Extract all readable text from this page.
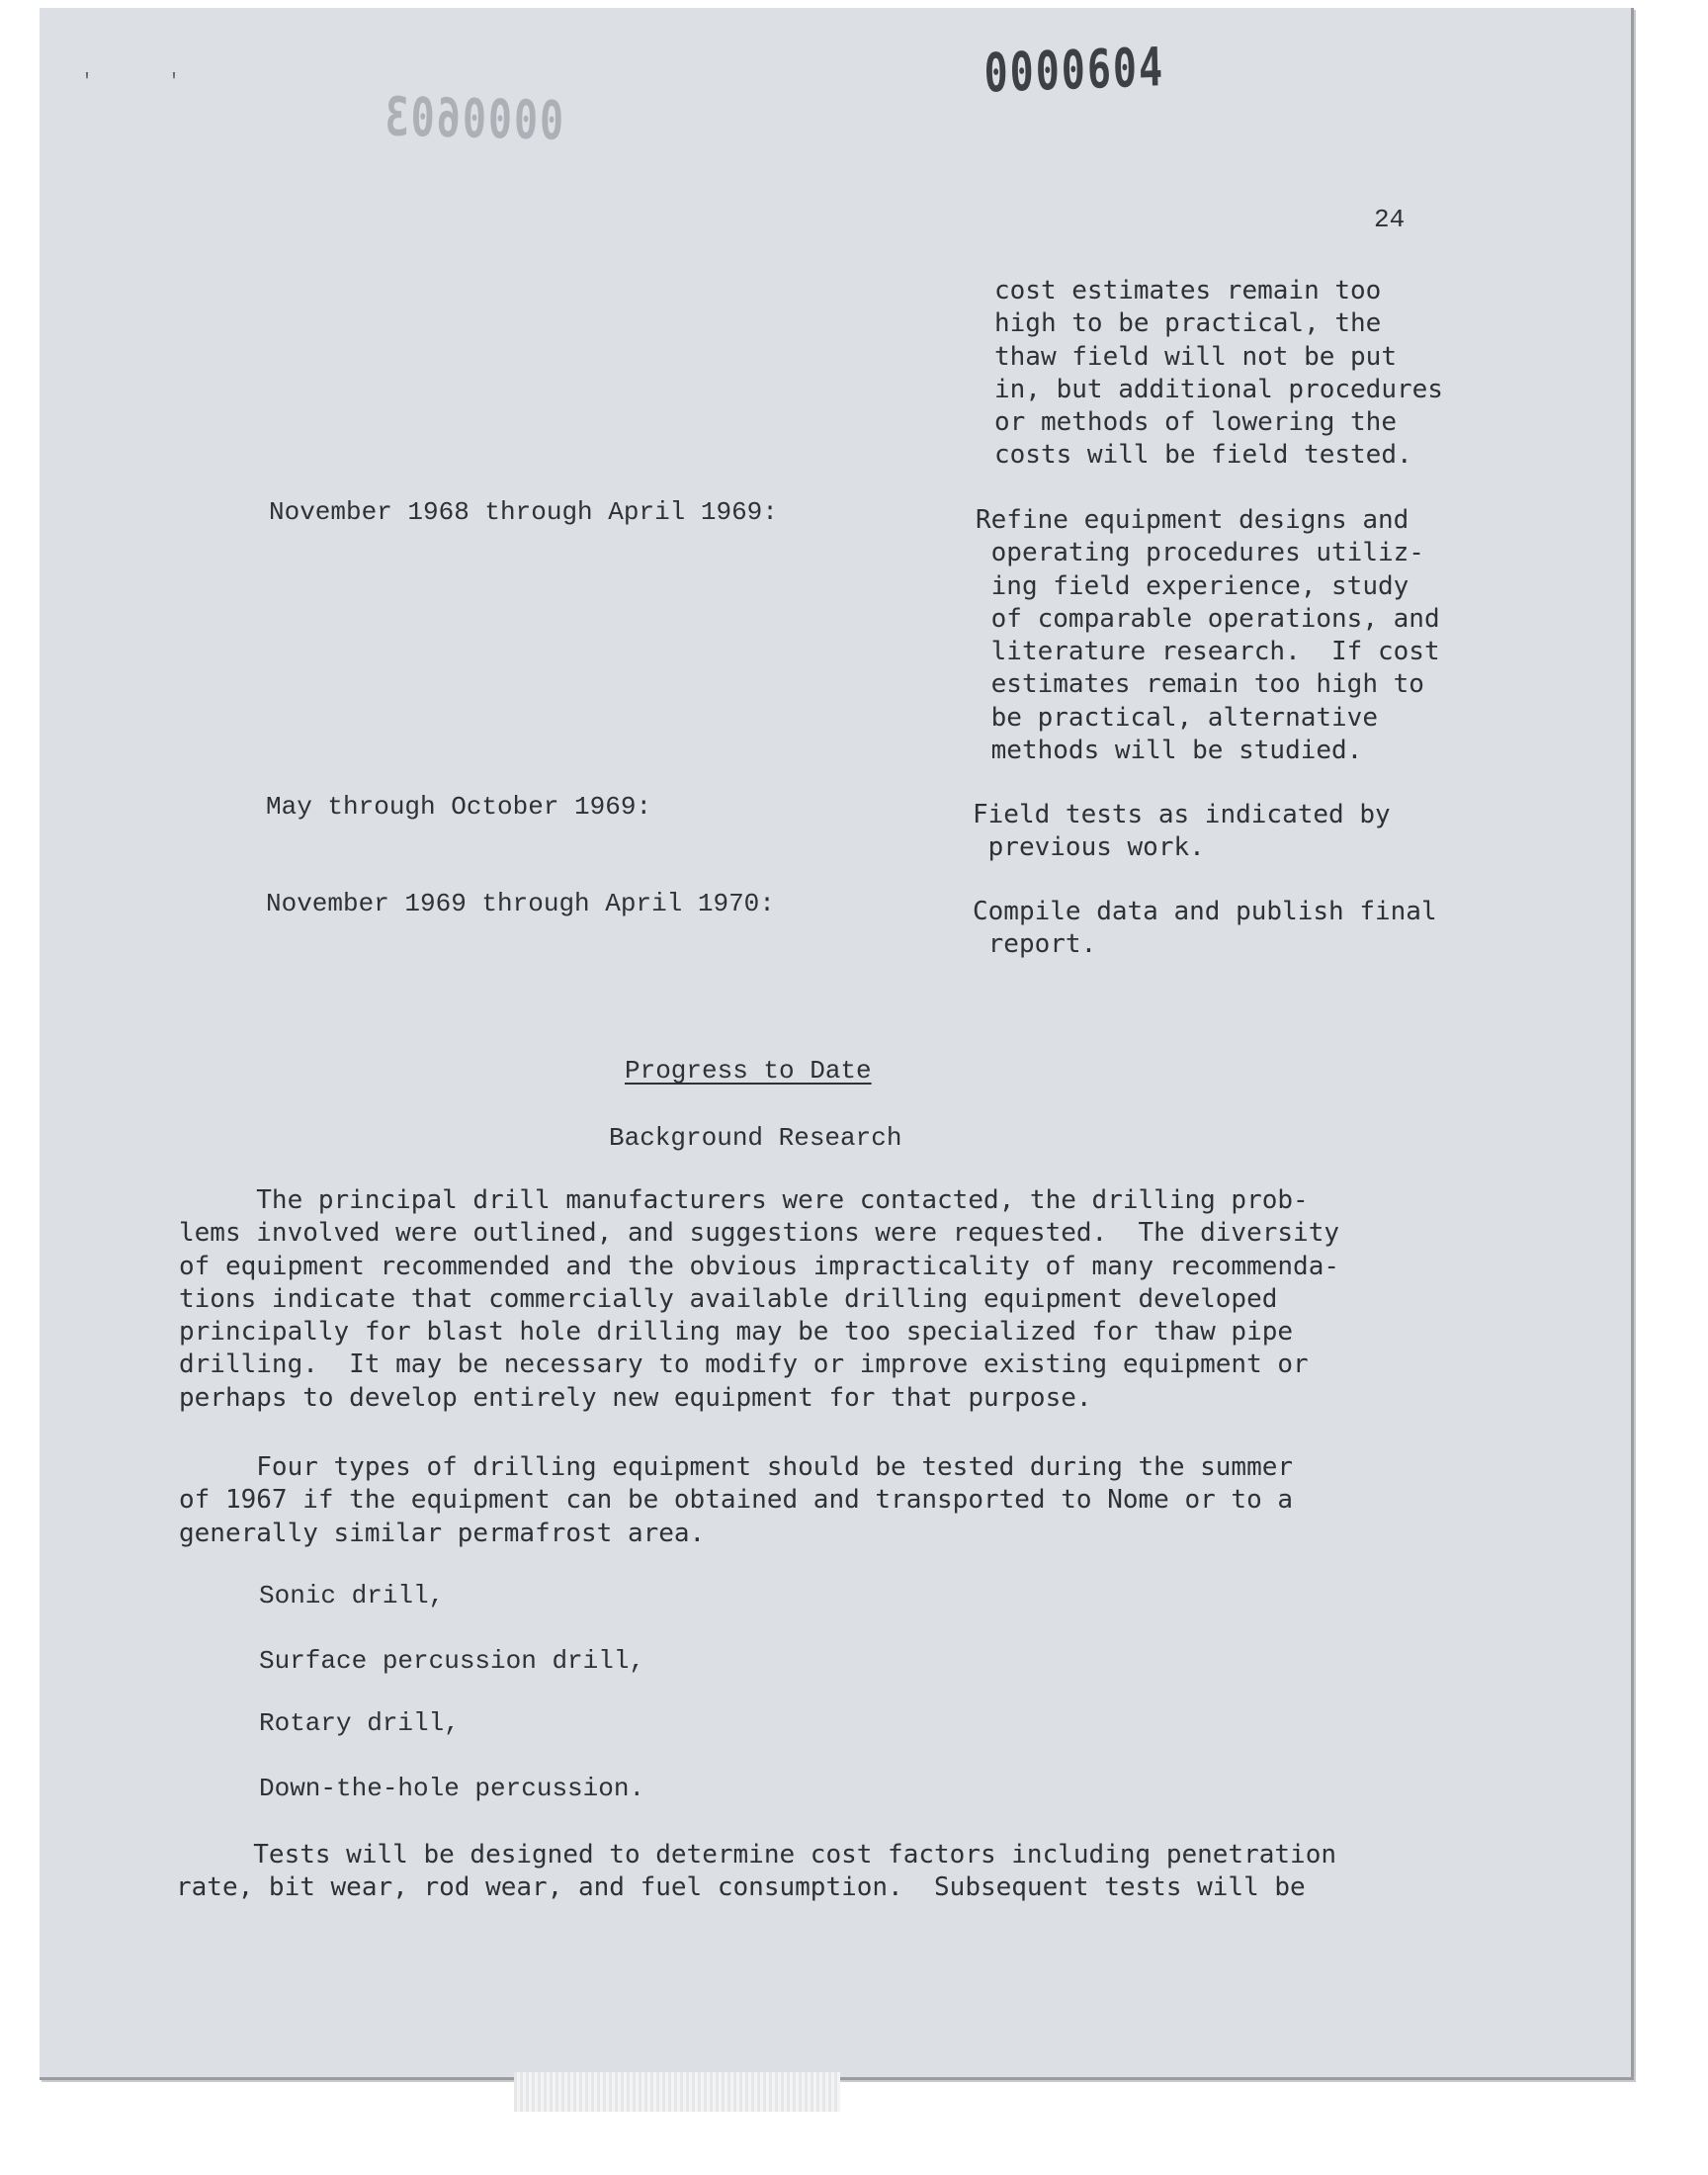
0000604
0000603
'	'
24
cost estimates remain too
high to be practical, the
thaw field will not be put
in, but additional procedures
or methods of lowering the
costs will be field tested.
November 1968 through April 1969:	Refine equipment designs and
operating procedures utiliz-
ing field experience, study
of comparable operations, and
literature research.  If cost
estimates remain too high to
be practical, alternative
methods will be studied.
May through October 1969:	Field tests as indicated by
previous work.
November 1969 through April 1970:	Compile data and publish final
report.
Progress to Date
Background Research
The principal drill manufacturers were contacted, the drilling prob-
lems involved were outlined, and suggestions were requested.  The diversity
of equipment recommended and the obvious impracticality of many recommenda-
tions indicate that commercially available drilling equipment developed
principally for blast hole drilling may be too specialized for thaw pipe
drilling.  It may be necessary to modify or improve existing equipment or
perhaps to develop entirely new equipment for that purpose.
Four types of drilling equipment should be tested during the summer
of 1967 if the equipment can be obtained and transported to Nome or to a
generally similar permafrost area.
Sonic drill,
Surface percussion drill,
Rotary drill,
Down-the-hole percussion.
Tests will be designed to determine cost factors including penetration
rate, bit wear, rod wear, and fuel consumption.  Subsequent tests will be
